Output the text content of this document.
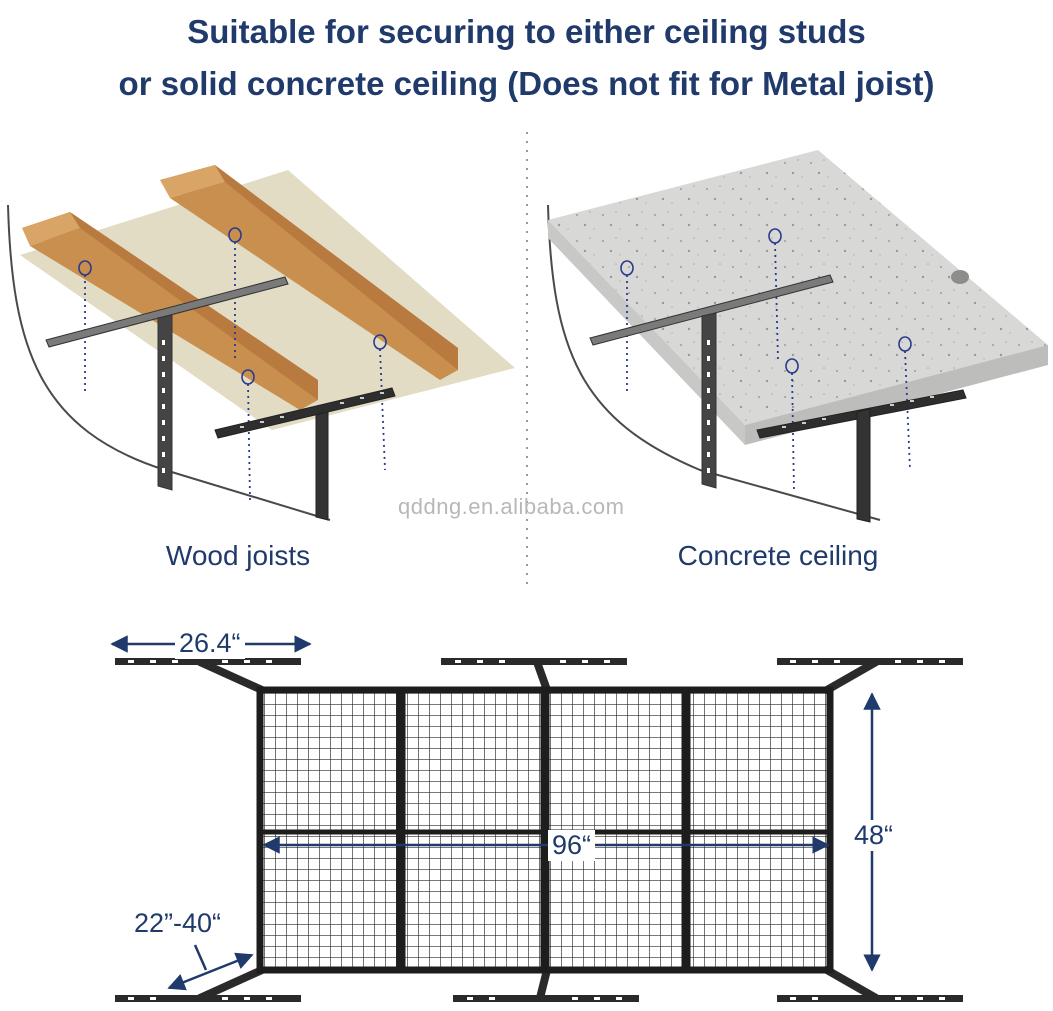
Suitable for securing to either ceiling studs
or solid concrete ceiling (Does not fit for Metal joist)
Wood joists	Concrete ceiling
qddng.en.alibaba.com
26.4“
96“	48“
22”-40“
